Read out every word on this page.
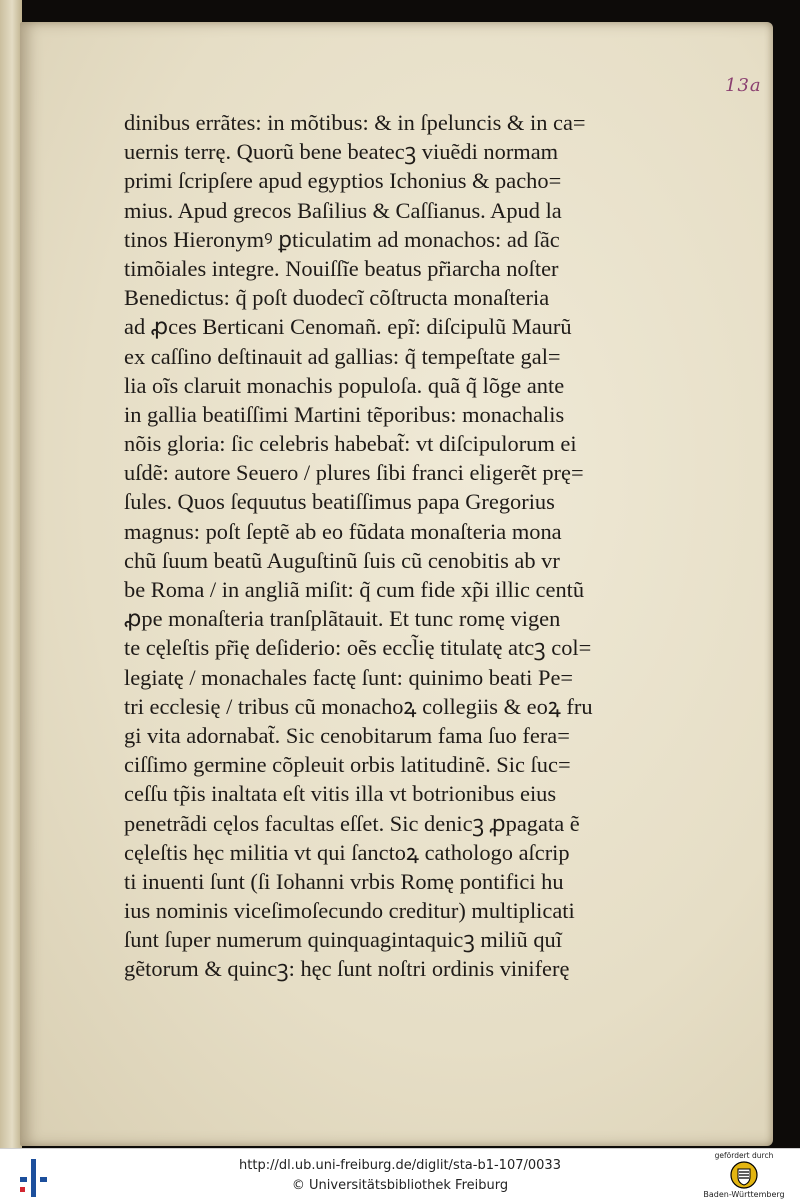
13a
dinibus errãtes: in mõtibus: & in ſpeluncis & in ca=
uernis terrę. Quorũ bene beatecꝫ viuẽdi normam
primi ſcripſere apud egyptios Ichonius & pacho=
mius. Apud grecos Baſilius & Caſſianus. Apud la
tinos Hieronymꝰ ꝑticulatim ad monachos: ad ſãc
timõiales integre. Nouiſſĩe beatus pr̃iarcha noſter
Benedictus: q̃ poſt duodecĩ cõſtructa monaſteria
ad ꝓces Berticani Cenomañ. epĩ: diſcipulũ Maurũ
ex caſſino deſtinauit ad gallias: q̃ tempeſtate gal=
lia oĩs claruit monachis populoſa. quã q̃ lõge ante
in gallia beatiſſimi Martini tẽporibus: monachalis
nõis gloria: ſic celebris habebat̃: vt diſcipulorum ei
uſdẽ: autore Seuero / plures ſibi franci eligerẽt prę=
ſules. Quos ſequutus beatiſſimus papa Gregorius
magnus: poſt ſeptẽ ab eo fũdata monaſteria mona
chũ ſuum beatũ Auguſtinũ ſuis cũ cenobitis ab vr
be Roma / in angliã miſit: q̃ cum fide xp̃i illic centũ
ꝓpe monaſteria tranſplãtauit. Et tunc romę vigen
te cęleſtis pr̃ię deſiderio: oẽs eccl̃ię titulatę atcꝫ col=
legiatę / monachales factę ſunt: quinimo beati Pe=
tri ecclesię / tribus cũ monachoꝝ collegiis & eoꝝ fru
gi vita adornabat̃. Sic cenobitarum fama ſuo fera=
ciſſimo germine cõpleuit orbis latitudinẽ. Sic ſuc=
ceſſu tp̃is inaltata eſt vitis illa vt botrionibus eius
penetrãdi cęlos facultas eſſet. Sic denicꝫ ꝓpagata ẽ
cęleſtis hęc militia vt qui ſanctoꝝ cathologo aſcrip
ti inuenti ſunt (ſi Iohanni vrbis Romę pontifici hu
ius nominis viceſimoſecundo creditur) multiplicati
ſunt ſuper numerum quinquagintaquicꝫ miliũ quĩ
gẽtorum & quincꝫ: hęc ſunt noſtri ordinis viniferę
http://dl.ub.uni-freiburg.de/diglit/sta-b1-107/0033
© Universitätsbibliothek Freiburg
gefördert durch
Baden-Württemberg
